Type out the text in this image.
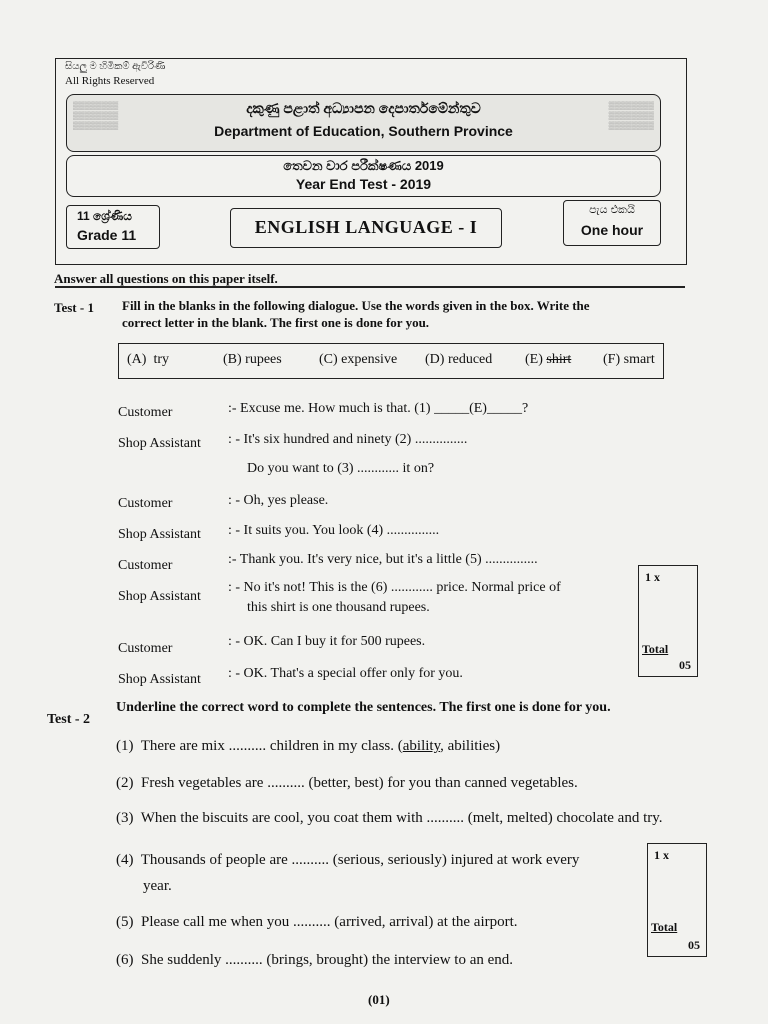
සියලු ම හිමිකම් ඇවිරිණි
All Rights Reserved
▒▒▒▒▒▒▒▒
▒▒▒▒▒▒▒▒
▒▒▒▒▒▒▒▒
▒▒▒▒▒▒▒▒
▒▒▒▒▒▒▒▒
▒▒▒▒▒▒▒▒
දකුණු පළාත් අධ්‍යාපන දෙපාර්තමේන්තුව
Department of Education, Southern Province
තෙවන වාර පරීක්ෂණය 2019
Year End Test - 2019
11 ශ්‍රේණිය
Grade 11	ENGLISH LANGUAGE - I
පැය එකයි
One hour
Answer all questions on this paper itself.
Test - 1 Fill in the blanks in the following dialogue. Use the words given in the box. Write the
correct letter in the blank. The first one is done for you.
(A) try	(B) rupees	(C) expensive (D) reduced (E) shirt (F) smart
Customer	:- Excuse me. How much is that. (1) _____(E)_____?
Shop Assistant : - It's six hundred and ninety (2) ...............
Do you want to (3) ............ it on?
Customer	: - Oh, yes please.
Shop Assistant : - It suits you. You look (4) ...............
Customer	:- Thank you. It's very nice, but it's a little (5) ...............
Shop Assistant
: - No it's not! This is the (6) ............ price. Normal price of
this shirt is one thousand rupees.
Customer	: - OK. Can I buy it for 500 rupees.
Shop Assistant : - OK. That's a special offer only for you.
1 x
Total
05
Test - 2
Underline the correct word to complete the sentences. The first one is done for you.
(1) There are mix .......... children in my class. (ability, abilities)
(2) Fresh vegetables are .......... (better, best) for you than canned vegetables.
(3) When the biscuits are cool, you coat them with .......... (melt, melted) chocolate and try.
(4) Thousands of people are .......... (serious, seriously) injured at work every
year.
(5) Please call me when you .......... (arrived, arrival) at the airport.
(6) She suddenly .......... (brings, brought) the interview to an end.
1 x
Total
05
(01)
